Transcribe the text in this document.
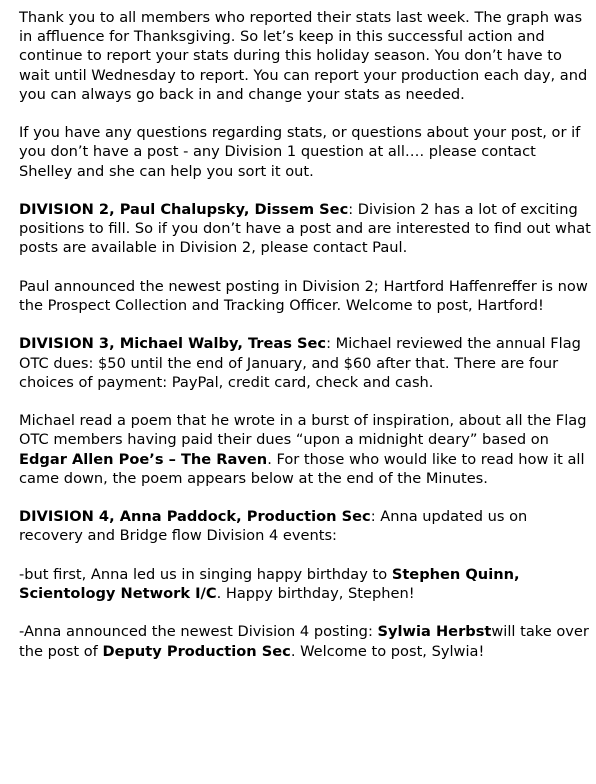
Thank you to all members who reported their stats last week. The graph was in affluence for Thanksgiving. So let’s keep in this successful action and continue to report your stats during this holiday season. You don’t have to wait until Wednesday to report. You can report your production each day, and you can always go back in and change your stats as needed.

If you have any questions regarding stats, or questions about your post, or if you don’t have a post - any Division 1 question at all…. please contact Shelley and she can help you sort it out.

DIVISION 2, Paul Chalupsky, Dissem Sec: Division 2 has a lot of exciting positions to fill. So if you don’t have a post and are interested to find out what posts are available in Division 2, please contact Paul.

Paul announced the newest posting in Division 2; Hartford Haffenreffer is now the Prospect Collection and Tracking Officer. Welcome to post, Hartford!

DIVISION 3, Michael Walby, Treas Sec: Michael reviewed the annual Flag OTC dues: $50 until the end of January, and $60 after that. There are four choices of payment: PayPal, credit card, check and cash.

Michael read a poem that he wrote in a burst of inspiration, about all the Flag OTC members having paid their dues “upon a midnight deary” based on Edgar Allen Poe’s – The Raven. For those who would like to read how it all came down, the poem appears below at the end of the Minutes.

DIVISION 4, Anna Paddock, Production Sec: Anna updated us on recovery and Bridge flow Division 4 events:

-but first, Anna led us in singing happy birthday to Stephen Quinn, Scientology Network I/C. Happy birthday, Stephen!

-Anna announced the newest Division 4 posting: Sylwia Herbstwill take over the post of Deputy Production Sec. Welcome to post, Sylwia!
